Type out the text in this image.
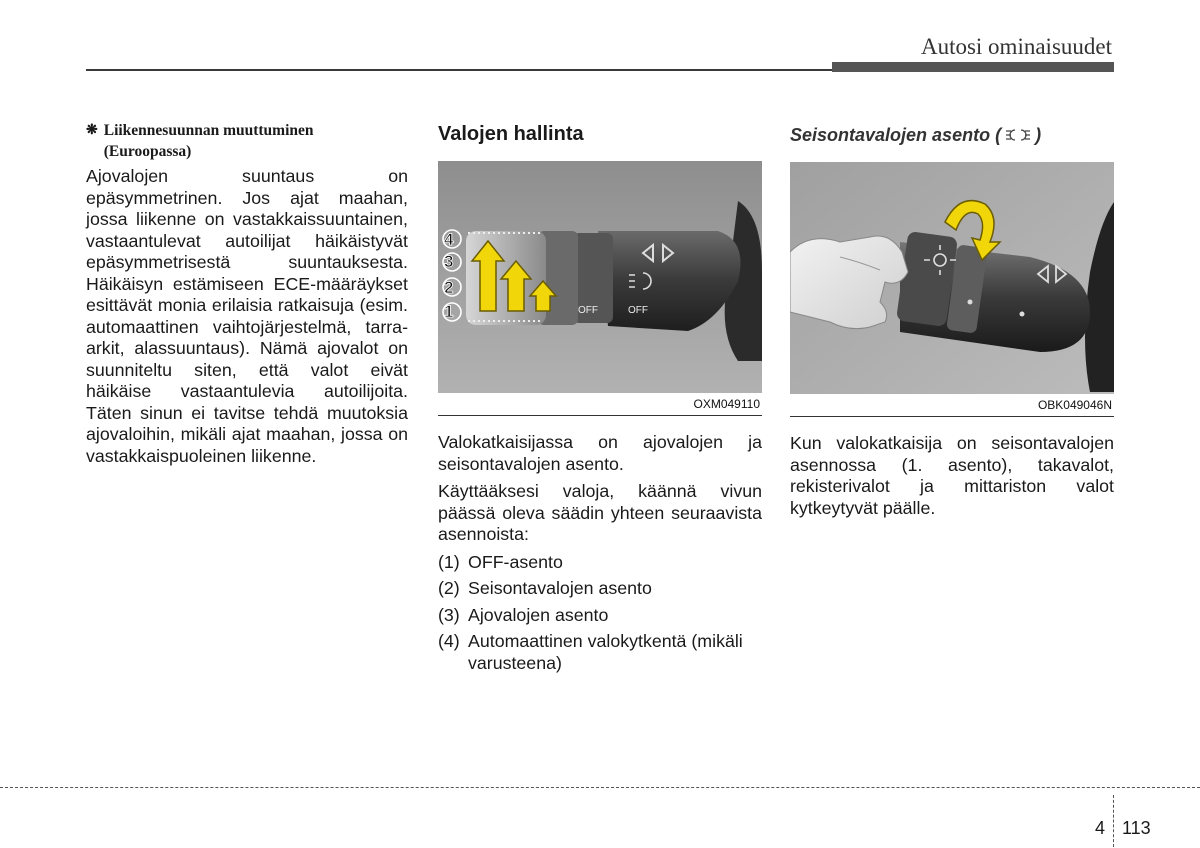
Autosi ominaisuudet
❋ Liikennesuunnan muuttuminen
(Euroopassa)

Ajovalojen suuntaus on epäsymmetrinen. Jos ajat maahan, jossa liikenne on vastakkaissuuntainen, vastaantulevat autoilijat häikäistyvät epäsymmetrisestä suuntauksesta. Häikäisyn estämiseen ECE-määräykset esittävät monia erilaisia ratkaisuja (esim. automaattinen vaihtojärjestelmä, tarra-arkit, alassuuntaus). Nämä ajovalot on suunniteltu siten, että valot eivät häikäise vastaantulevia autoilijoita. Täten sinun ei tavitse tehdä muutoksia ajovaloihin, mikäli ajat maahan, jossa on vastakkaispuoleinen liikenne.

Valojen hallinta
4
3
2
1	OFF
OFF
OXM049110

Valokatkaisijassa on ajovalojen ja seisontavalojen asento.

Käyttääksesi valoja, käännä vivun päässä oleva säädin yhteen seuraavista asennoista:

(1) OFF-asento
(2) Seisontavalojen asento
(3) Ajovalojen asento
(4) Automaattinen valokytkentä (mikäli varusteena)
Seisontavalojen asento ( )
OBK049046N

Kun valokatkaisija on seisontavalojen asennossa (1. asento), takavalot, rekisterivalot ja mittariston valot kytkeytyvät päälle.

4 113
